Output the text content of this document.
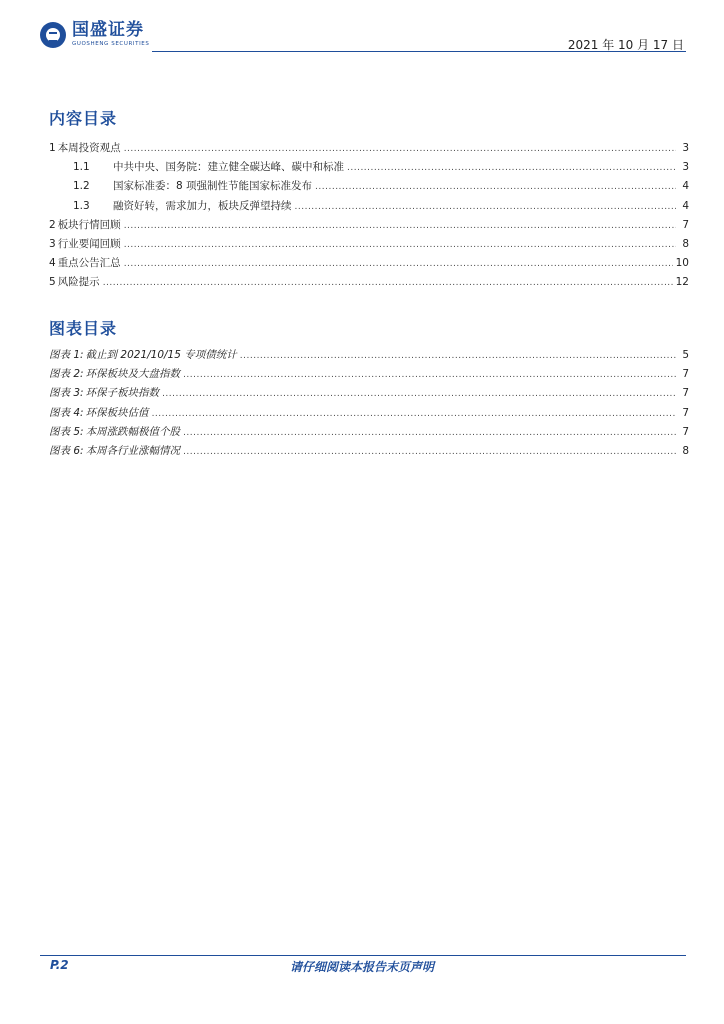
国盛证券
GUOSHENG SECURITIES	2021 年 10 月 17 日
内容目录
1 本周投资观点 .....	3
1.1	中共中央、国务院：建立健全碳达峰、碳中和标准 .....	3
1.2	国家标准委：8 项强制性节能国家标准发布 .....	4
1.3	融资好转，需求加力，板块反弹望持续 .....	4
2 板块行情回顾 .....	7
3 行业要闻回顾 .....	8
4 重点公告汇总 .....	10
5 风险提示 .....	12
图表目录
图表 1: 截止到 2021/10/15 专项债统计 .....	5
图表 2: 环保板块及大盘指数 .....	7
图表 3: 环保子板块指数 .....	7
图表 4: 环保板块估值 .....	7
图表 5: 本周涨跌幅极值个股 .....	7
图表 6: 本周各行业涨幅情况 .....	8
P.2	请仔细阅读本报告末页声明
